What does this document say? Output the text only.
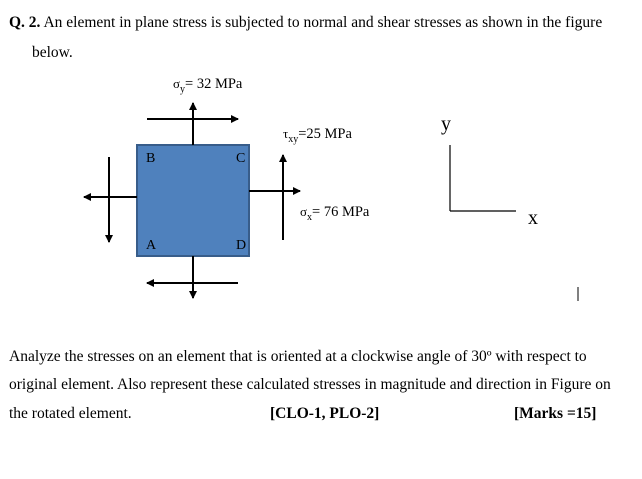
Q. 2. An element in plane stress is subjected to normal and shear stresses as shown in the figure
below.
$\sigma_y= 32$ MPa
$\tau_{xy}=25$ MPa
$\sigma_x= 76$ MPa
B	C
A	D
y
x
Analyze the stresses on an element that is oriented at a clockwise angle of 30º with respect to
original element. Also represent these calculated stresses in magnitude and direction in Figure on
the rotated element.	[CLO-1, PLO-2]	[Marks =15]
